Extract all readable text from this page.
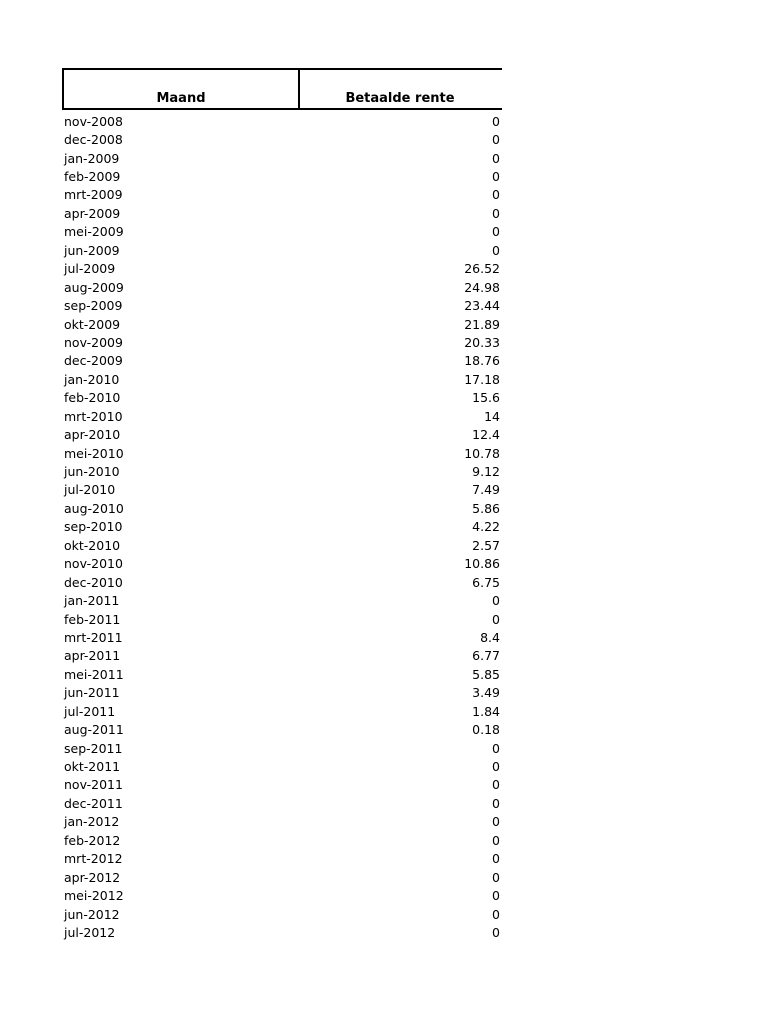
Maand	Betaalde rente
nov-2008	0
dec-2008	0
jan-2009	0
feb-2009	0
mrt-2009	0
apr-2009	0
mei-2009	0
jun-2009	0
jul-2009	26.52
aug-2009	24.98
sep-2009	23.44
okt-2009	21.89
nov-2009	20.33
dec-2009	18.76
jan-2010	17.18
feb-2010	15.6
mrt-2010	14
apr-2010	12.4
mei-2010	10.78
jun-2010	9.12
jul-2010	7.49
aug-2010	5.86
sep-2010	4.22
okt-2010	2.57
nov-2010	10.86
dec-2010	6.75
jan-2011	0
feb-2011	0
mrt-2011	8.4
apr-2011	6.77
mei-2011	5.85
jun-2011	3.49
jul-2011	1.84
aug-2011	0.18
sep-2011	0
okt-2011	0
nov-2011	0
dec-2011	0
jan-2012	0
feb-2012	0
mrt-2012	0
apr-2012	0
mei-2012	0
jun-2012	0
jul-2012	0
